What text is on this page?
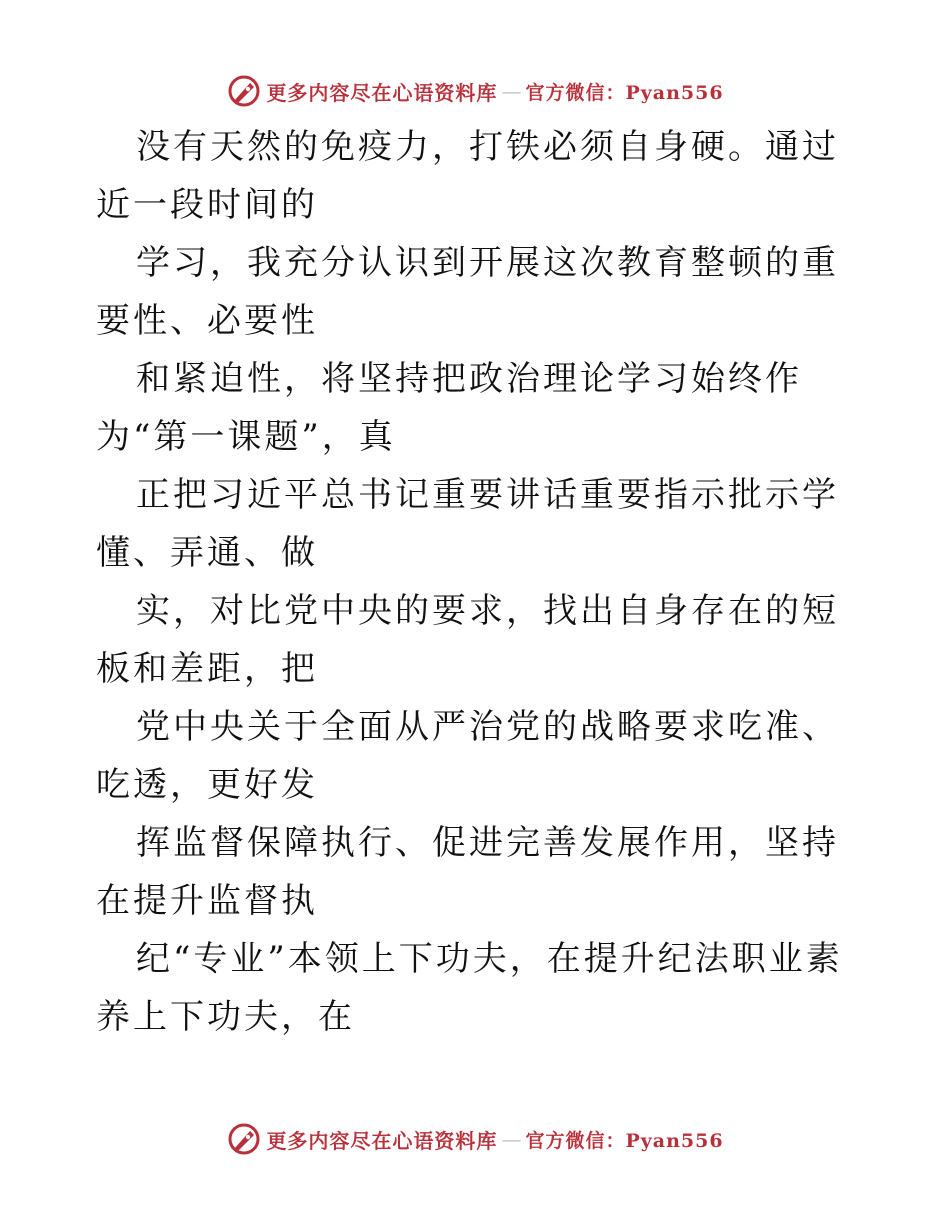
更多内容尽在心语资料库 — 官方微信：Pyan556

没有天然的免疫力，打铁必须自身硬。通过近一段时间的

学习，我充分认识到开展这次教育整顿的重要性、必要性

和紧迫性，将坚持把政治理论学习始终作为“第一课题”，真

正把习近平总书记重要讲话重要指示批示学懂、弄通、做

实，对比党中央的要求，找出自身存在的短板和差距，把

党中央关于全面从严治党的战略要求吃准、吃透，更好发

挥监督保障执行、促进完善发展作用，坚持在提升监督执

纪“专业”本领上下功夫，在提升纪法职业素养上下功夫，在

更多内容尽在心语资料库 — 官方微信：Pyan556
